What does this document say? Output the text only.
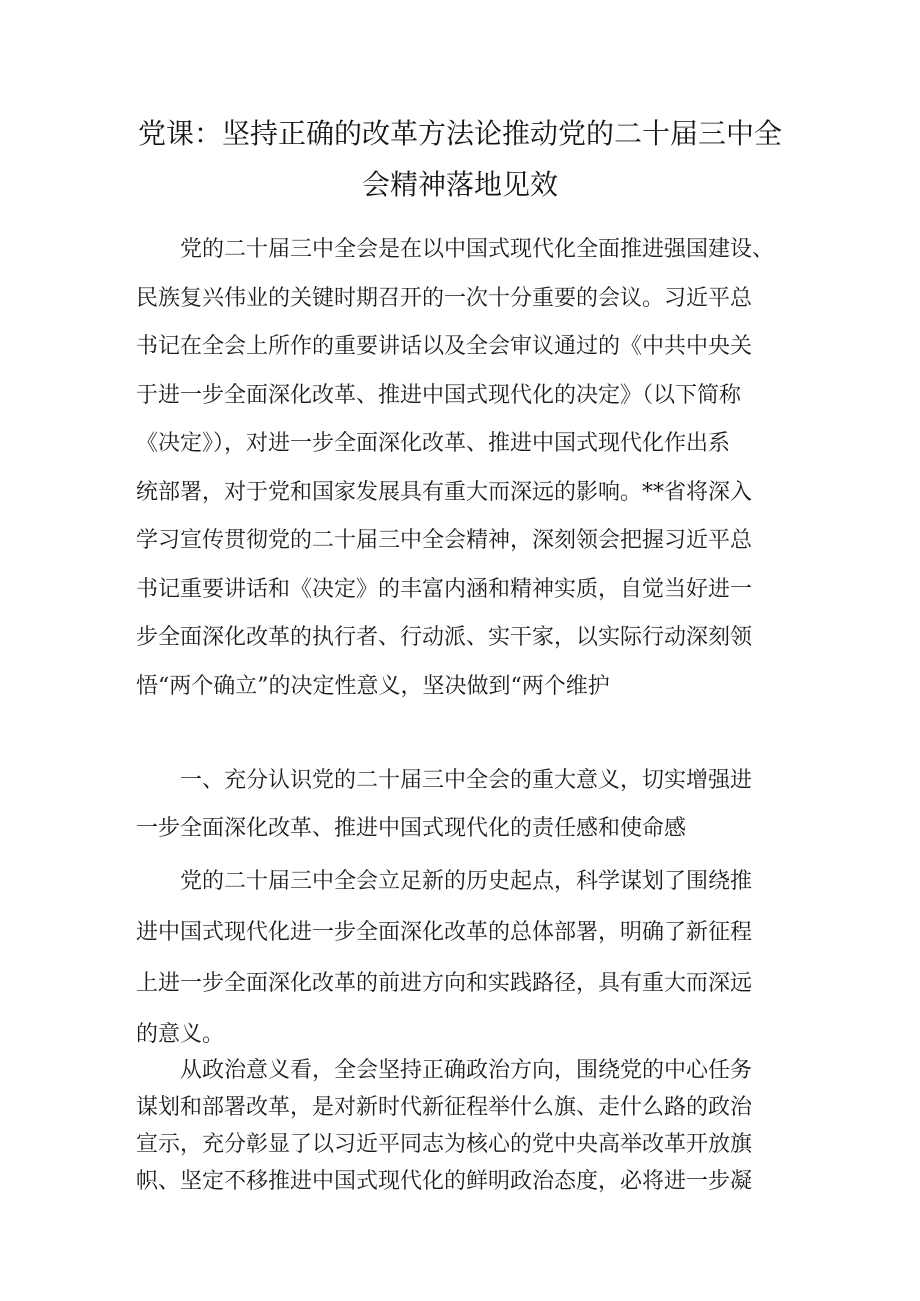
党课：坚持正确的改革方法论推动党的二十届三中全
会精神落地见效
党的二十届三中全会是在以中国式现代化全面推进强国建设、
民族复兴伟业的关键时期召开的一次十分重要的会议。习近平总
书记在全会上所作的重要讲话以及全会审议通过的《中共中央关
于进一步全面深化改革、推进中国式现代化的决定》（以下简称
《决定》），对进一步全面深化改革、推进中国式现代化作出系
统部署，对于党和国家发展具有重大而深远的影响。**省将深入
学习宣传贯彻党的二十届三中全会精神，深刻领会把握习近平总
书记重要讲话和《决定》的丰富内涵和精神实质，自觉当好进一
步全面深化改革的执行者、行动派、实干家，以实际行动深刻领
悟“两个确立”的决定性意义，坚决做到“两个维护
一、充分认识党的二十届三中全会的重大意义，切实增强进
一步全面深化改革、推进中国式现代化的责任感和使命感
党的二十届三中全会立足新的历史起点，科学谋划了围绕推
进中国式现代化进一步全面深化改革的总体部署，明确了新征程
上进一步全面深化改革的前进方向和实践路径，具有重大而深远
的意义。
从政治意义看，全会坚持正确政治方向，围绕党的中心任务
谋划和部署改革，是对新时代新征程举什么旗、走什么路的政治
宣示，充分彰显了以习近平同志为核心的党中央高举改革开放旗
帜、坚定不移推进中国式现代化的鲜明政治态度，必将进一步凝
